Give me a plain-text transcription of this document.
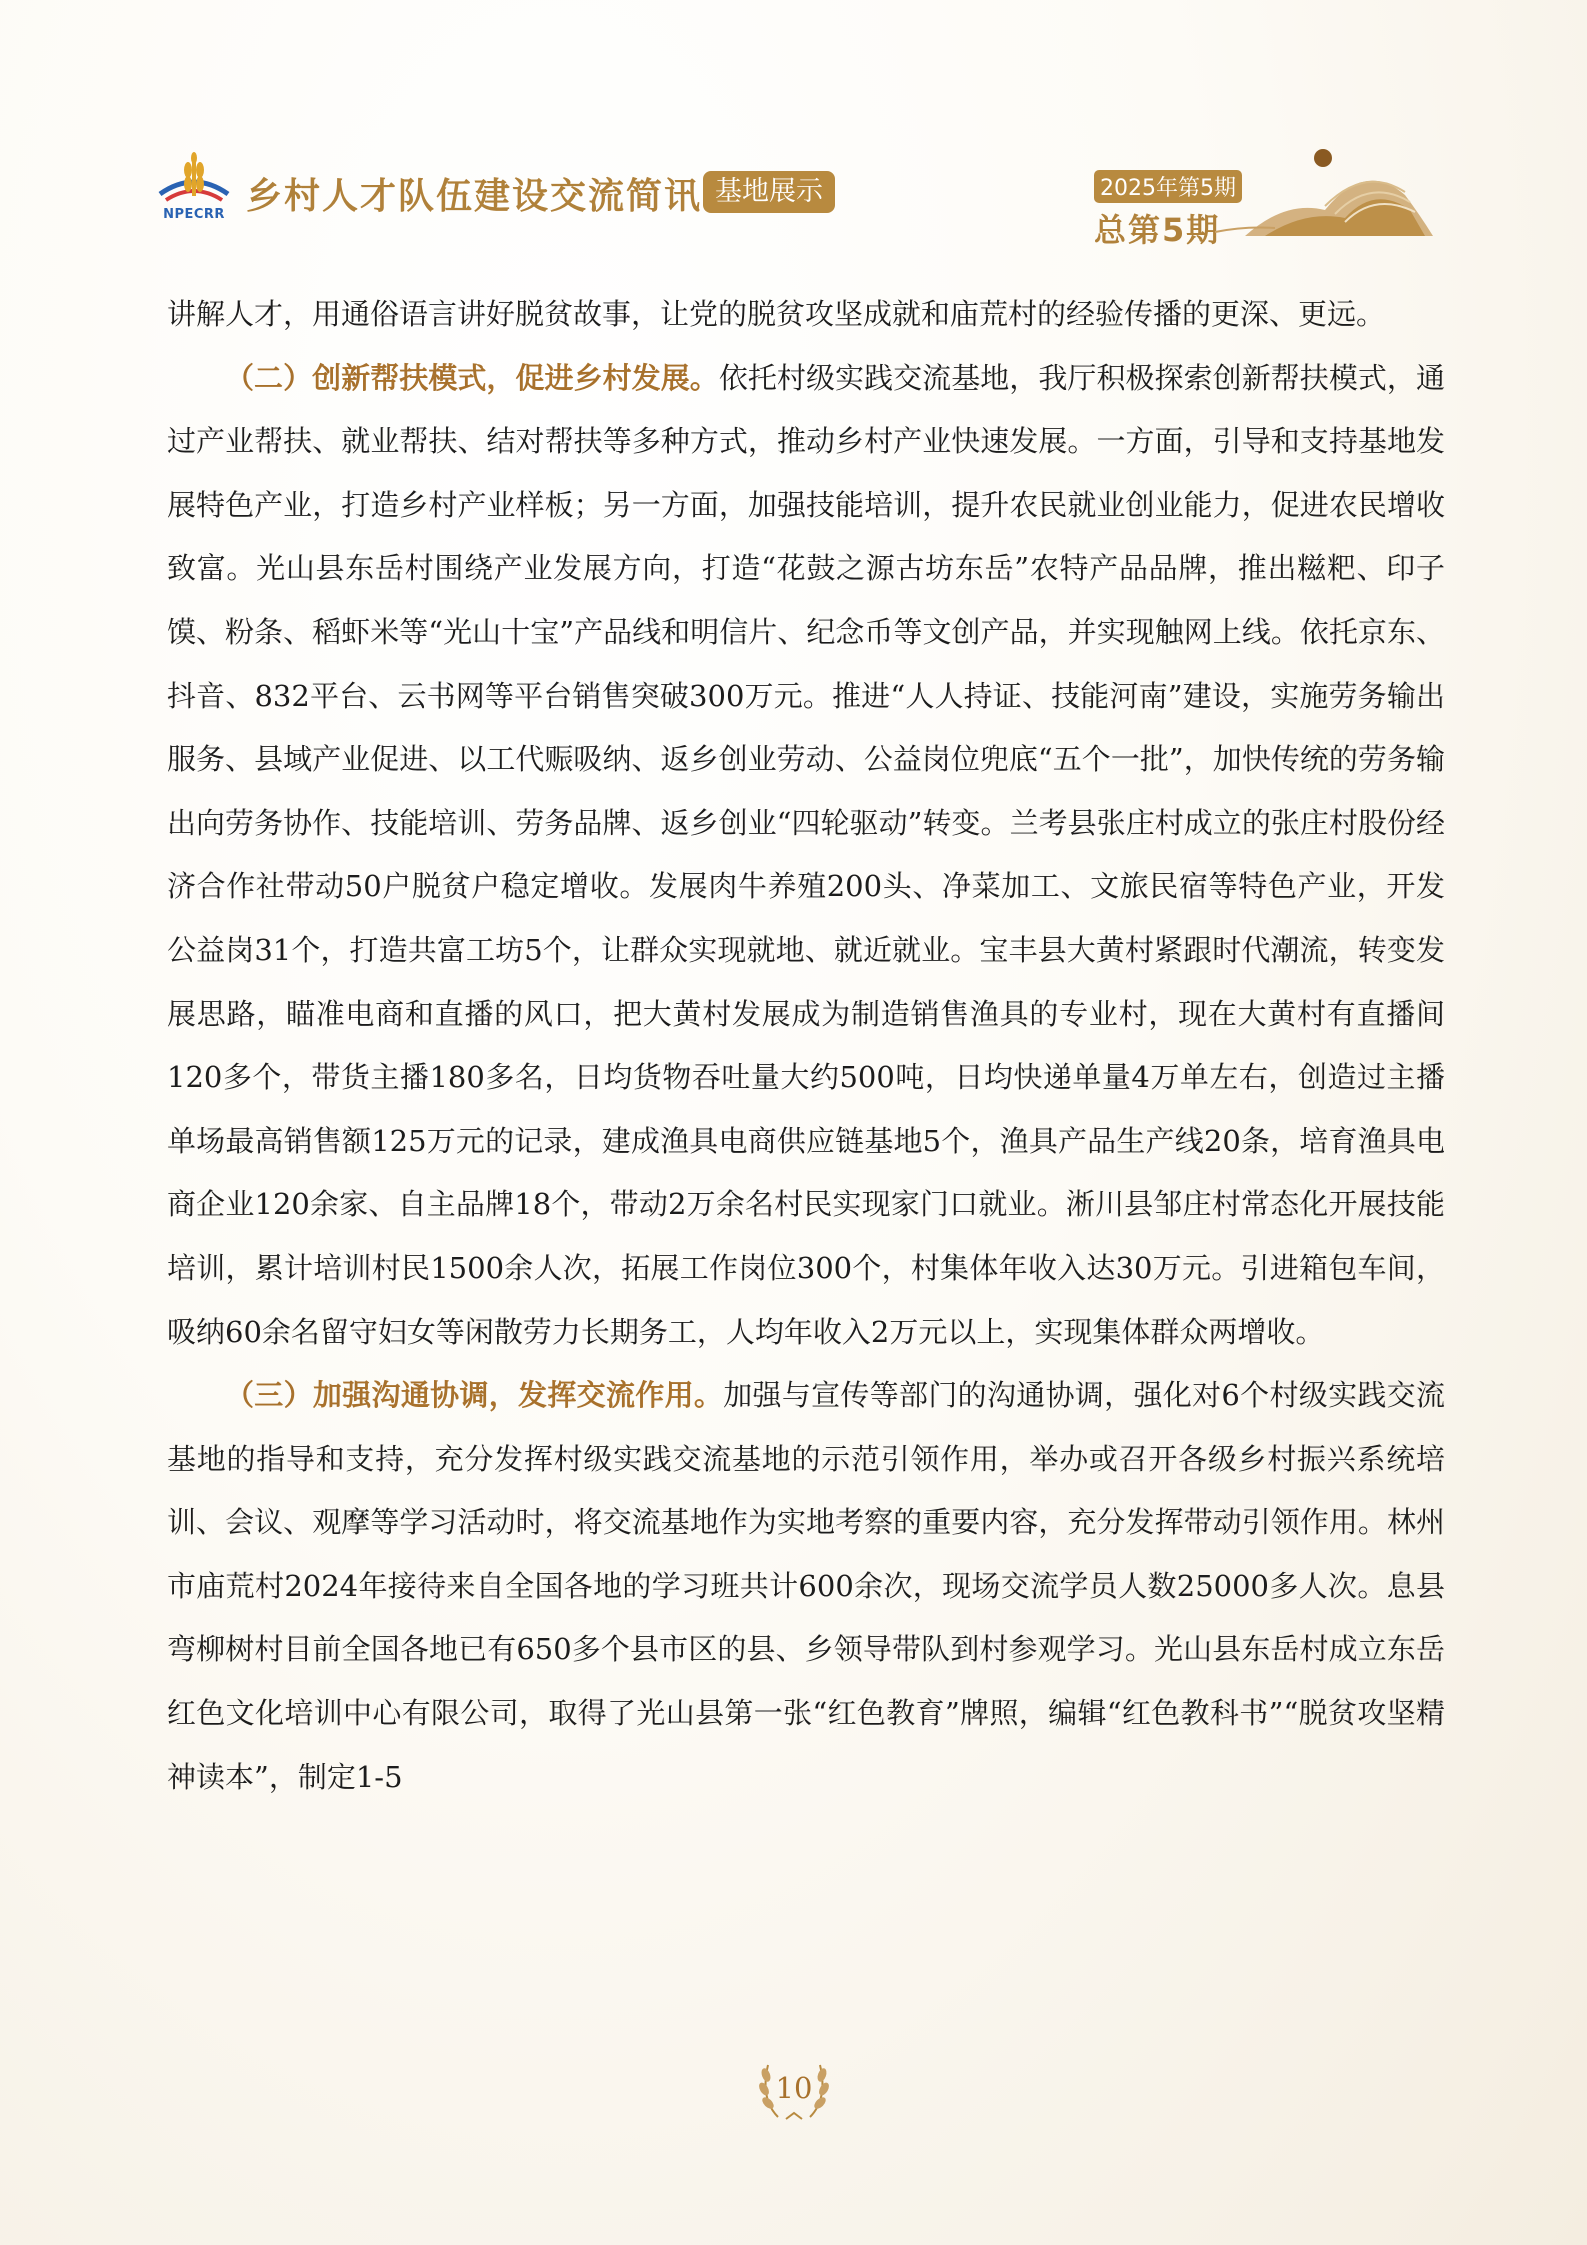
NPECRR 乡村人才队伍建设交流简讯 基地展示	2025年第5期
总第5期

讲解人才，用通俗语言讲好脱贫故事，让党的脱贫攻坚成就和庙荒村的经验传播的更深、更远。

（二）创新帮扶模式，促进乡村发展。依托村级实践交流基地，我厅积极探索创新帮扶模式，通过产业帮扶、就业帮扶、结对帮扶等多种方式，推动乡村产业快速发展。一方面，引导和支持基地发展特色产业，打造乡村产业样板；另一方面，加强技能培训，提升农民就业创业能力，促进农民增收致富。光山县东岳村围绕产业发展方向，打造“花鼓之源古坊东岳”农特产品品牌，推出糍粑、印子馍、粉条、稻虾米等“光山十宝”产品线和明信片、纪念币等文创产品，并实现触网上线。依托京东、抖音、832平台、云书网等平台销售突破300万元。推进“人人持证、技能河南”建设，实施劳务输出服务、县域产业促进、以工代赈吸纳、返乡创业劳动、公益岗位兜底“五个一批”，加快传统的劳务输出向劳务协作、技能培训、劳务品牌、返乡创业“四轮驱动”转变。兰考县张庄村成立的张庄村股份经济合作社带动50户脱贫户稳定增收。发展肉牛养殖200头、净菜加工、文旅民宿等特色产业，开发公益岗31个，打造共富工坊5个，让群众实现就地、就近就业。宝丰县大黄村紧跟时代潮流，转变发展思路，瞄准电商和直播的风口，把大黄村发展成为制造销售渔具的专业村，现在大黄村有直播间120多个，带货主播180多名，日均货物吞吐量大约500吨，日均快递单量4万单左右，创造过主播单场最高销售额125万元的记录，建成渔具电商供应链基地5个，渔具产品生产线20条，培育渔具电商企业120余家、自主品牌18个，带动2万余名村民实现家门口就业。淅川县邹庄村常态化开展技能培训，累计培训村民1500余人次，拓展工作岗位300个，村集体年收入达30万元。引进箱包车间，吸纳60余名留守妇女等闲散劳力长期务工，人均年收入2万元以上，实现集体群众两增收。

（三）加强沟通协调，发挥交流作用。加强与宣传等部门的沟通协调，强化对6个村级实践交流基地的指导和支持，充分发挥村级实践交流基地的示范引领作用，举办或召开各级乡村振兴系统培训、会议、观摩等学习活动时，将交流基地作为实地考察的重要内容，充分发挥带动引领作用。林州市庙荒村2024年接待来自全国各地的学习班共计600余次，现场交流学员人数25000多人次。息县弯柳树村目前全国各地已有650多个县市区的县、乡领导带队到村参观学习。光山县东岳村成立东岳红色文化培训中心有限公司，取得了光山县第一张“红色教育”牌照，编辑“红色教科书”“脱贫攻坚精神读本”，制定1-5

10
